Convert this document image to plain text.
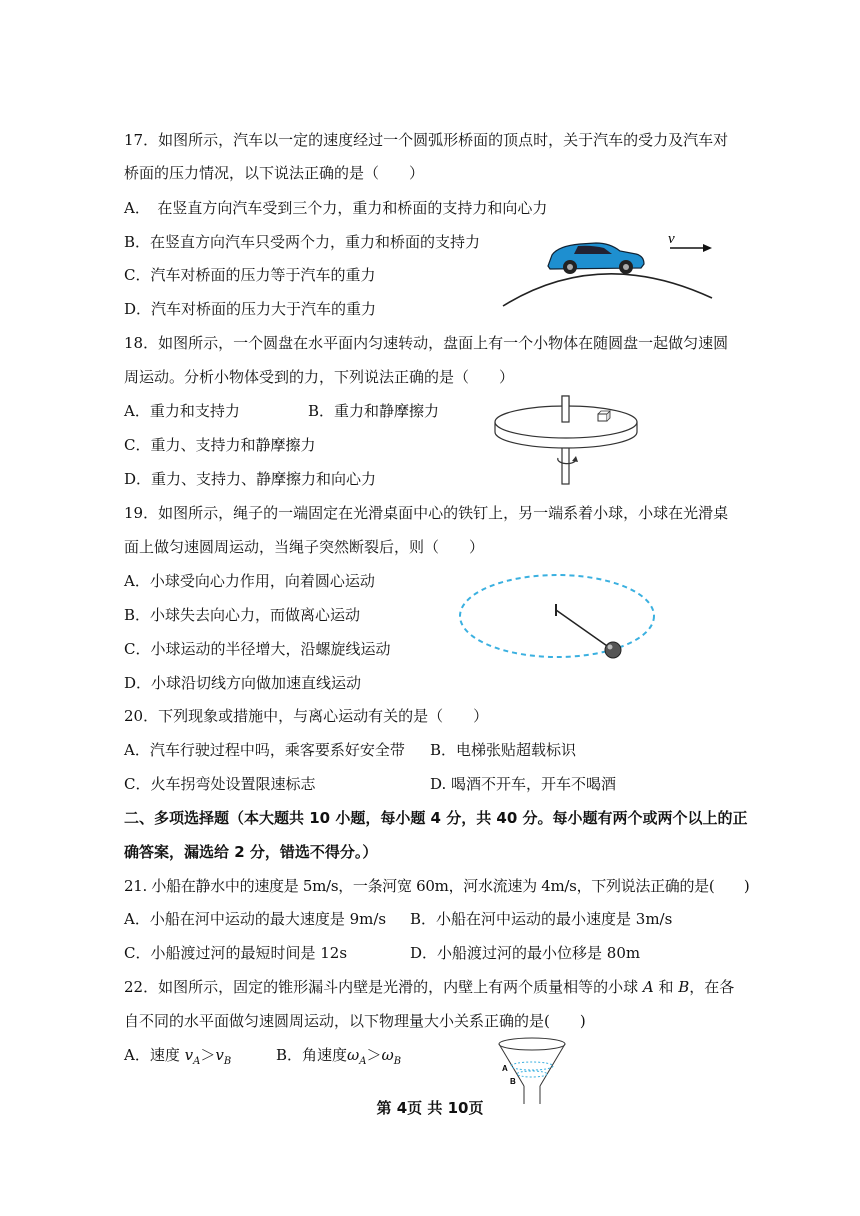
17．如图所示，汽车以一定的速度经过一个圆弧形桥面的顶点时，关于汽车的受力及汽车对
桥面的压力情况，以下说法正确的是（　　）
A．　在竖直方向汽车受到三个力，重力和桥面的支持力和向心力
B．在竖直方向汽车只受两个力，重力和桥面的支持力
C．汽车对桥面的压力等于汽车的重力
D．汽车对桥面的压力大于汽车的重力
v
18．如图所示，一个圆盘在水平面内匀速转动，盘面上有一个小物体在随圆盘一起做匀速圆
周运动。分析小物体受到的力，下列说法正确的是（　　）
A．重力和支持力	B．重力和静摩擦力
C．重力、支持力和静摩擦力
D．重力、支持力、静摩擦力和向心力
19．如图所示，绳子的一端固定在光滑桌面中心的铁钉上，另一端系着小球，小球在光滑桌
面上做匀速圆周运动，当绳子突然断裂后，则（　　）
A．小球受向心力作用，向着圆心运动
B．小球失去向心力，而做离心运动
C．小球运动的半径增大，沿螺旋线运动
D．小球沿切线方向做加速直线运动
20．下列现象或措施中，与离心运动有关的是（　　）
A．汽车行驶过程中吗，乘客要系好安全带 B．电梯张贴超载标识
C．火车拐弯处设置限速标志	D. 喝酒不开车，开车不喝酒
二、多项选择题（本大题共 10 小题，每小题 4 分，共 40 分。每小题有两个或两个以上的正
确答案，漏选给 2 分，错选不得分。）
21. 小船在静水中的速度是 5m/s，一条河宽 60m，河水流速为 4m/s，下列说法正确的是(　　)
A．小船在河中运动的最大速度是 9m/s B．小船在河中运动的最小速度是 3m/s
C．小船渡过河的最短时间是 12s	D．小船渡过河的最小位移是 80m
22．如图所示，固定的锥形漏斗内壁是光滑的，内壁上有两个质量相等的小球 A 和 B，在各
自不同的水平面做匀速圆周运动，以下物理量大小关系正确的是(　　)
A．速度 $v_A>v_B$	B．角速度$\omega_A>\omega_B$
A
B
第 4页 共 10页
